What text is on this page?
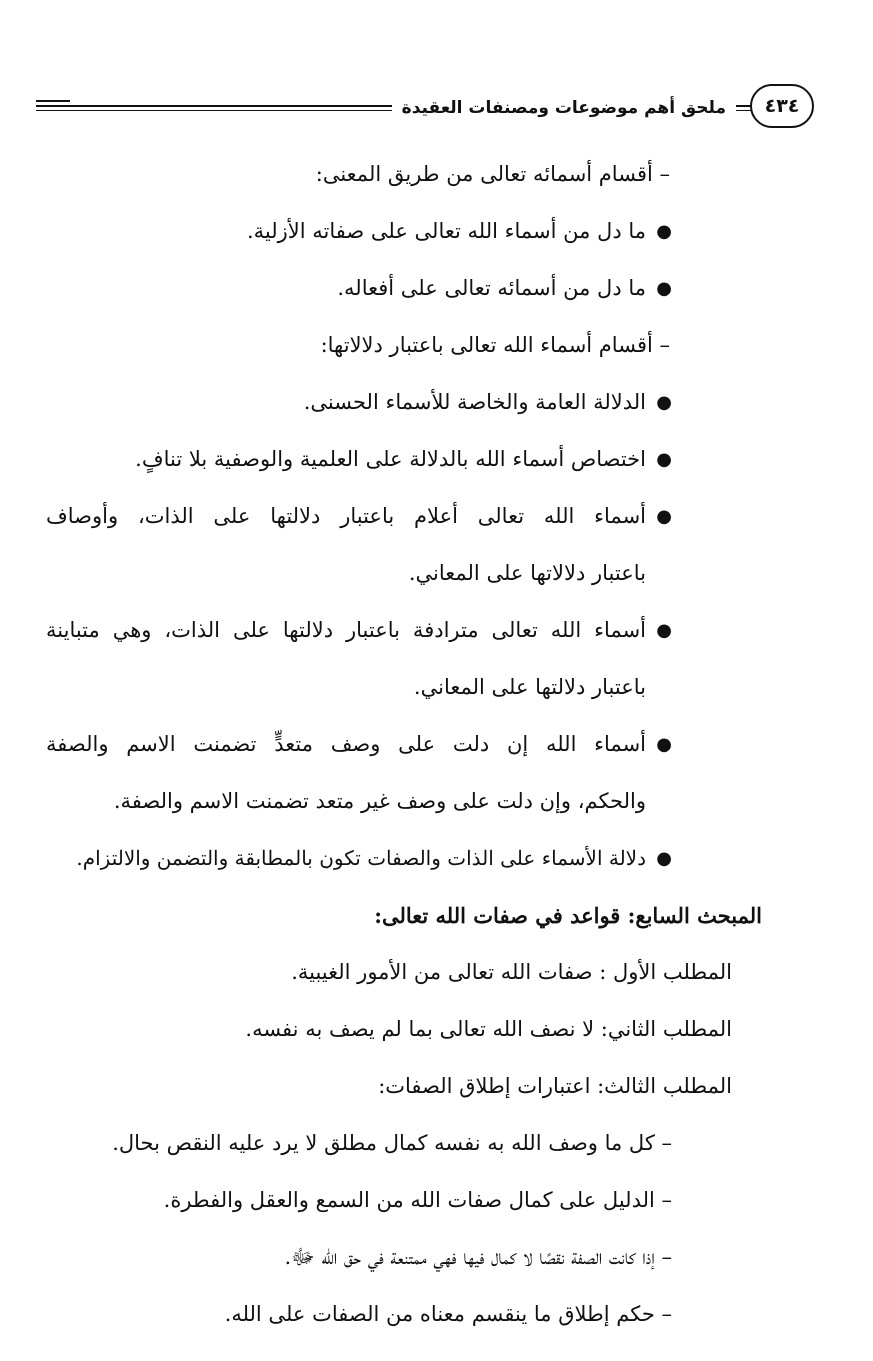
ملحق أهم موضوعات ومصنفات العقيدة	٤٣٤
– أقسام أسمائه تعالى من طريق المعنى:
●
ما دل من أسماء الله تعالى على صفاته الأزلية.
●
ما دل من أسمائه تعالى على أفعاله.
– أقسام أسماء الله تعالى باعتبار دلالاتها:
●
الدلالة العامة والخاصة للأسماء الحسنى.
●
اختصاص أسماء الله بالدلالة على العلمية والوصفية بلا تنافٍ.
●
أسماء الله تعالى أعلام باعتبار دلالتها على الذات، وأوصاف
باعتبار دلالاتها على المعاني.
●
أسماء الله تعالى مترادفة باعتبار دلالتها على الذات، وهي متباينة
باعتبار دلالتها على المعاني.
●
أسماء الله إن دلت على وصف متعدٍّ تضمنت الاسم والصفة
والحكم، وإن دلت على وصف غير متعد تضمنت الاسم والصفة.
●
دلالة الأسماء على الذات والصفات تكون بالمطابقة والتضمن والالتزام.
المبحث السابع: قواعد في صفات الله تعالى:
المطلب الأول : صفات الله تعالى من الأمور الغيبية.
المطلب الثاني: لا نصف الله تعالى بما لم يصف به نفسه.
المطلب الثالث: اعتبارات إطلاق الصفات:
– كل ما وصف الله به نفسه كمال مطلق لا يرد عليه النقص بحال.
– الدليل على كمال صفات الله من السمع والعقل والفطرة.
– إذا كانت الصفة نقصًا لا كمال فيها فهي ممتنعة في حق الله ﷻ.
– حكم إطلاق ما ينقسم معناه من الصفات على الله.
